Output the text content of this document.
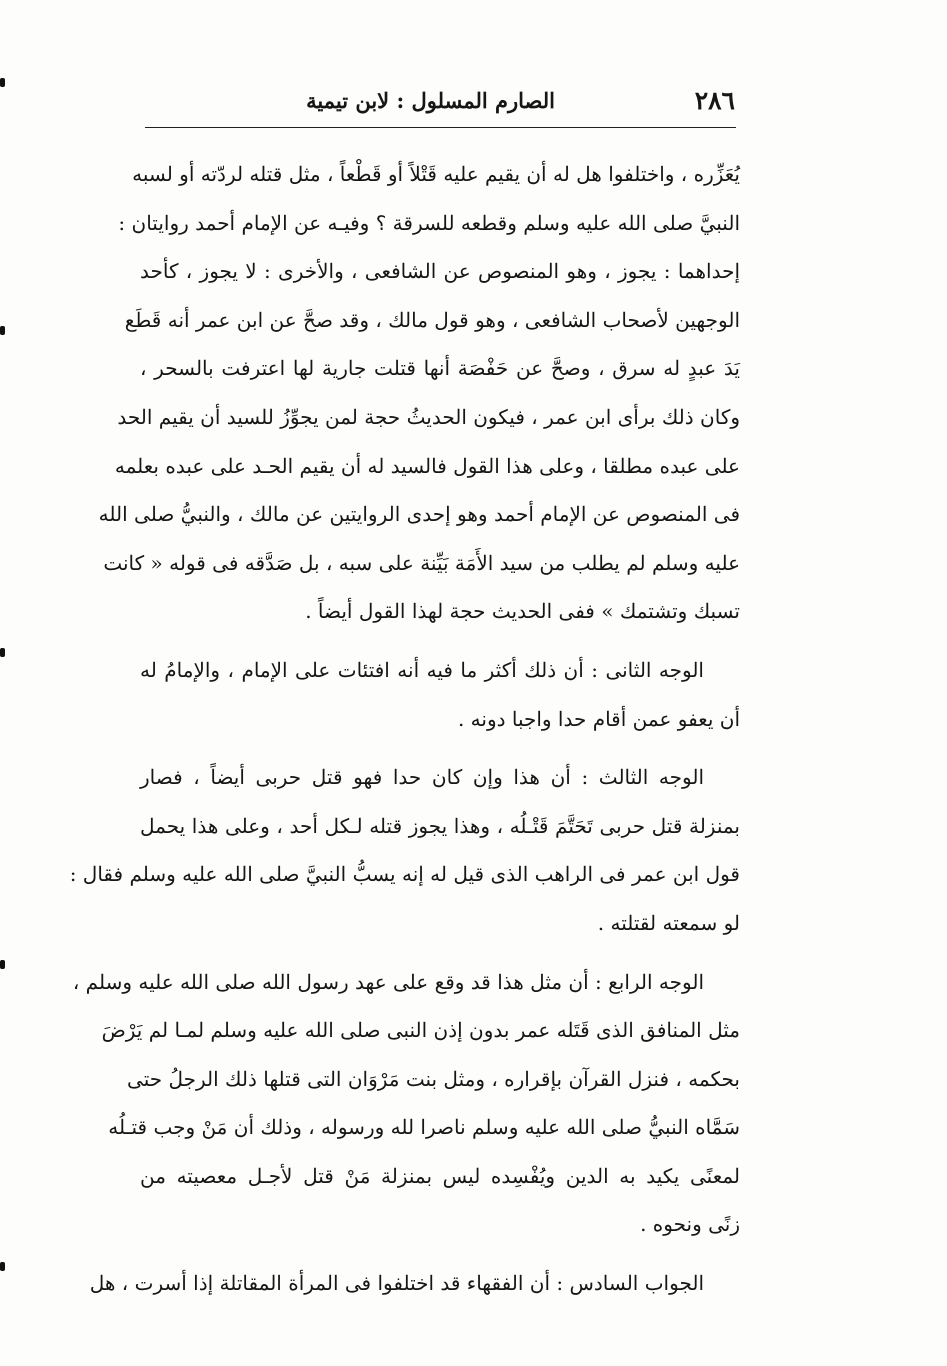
٢٨٦
الصارم المسلول : لابن تيمية
يُعَزِّره ، واختلفوا هل له أن يقيم عليه قَتْلاً أو قَطْعاً ، مثل قتله لردّته أو لسبه
النبيَّ صلى الله عليه وسلم وقطعه للسرقة ؟ وفيـه عن الإمام أحمد روايتان :
إحداهما : يجوز ، وهو المنصوص عن الشافعى ، والأخرى : لا يجوز ، كأحد
الوجهين لأصحاب الشافعى ، وهو قول مالك ، وقد صحَّ عن ابن عمر أنه قَطَع
يَدَ عبدٍ له سرق ، وصحَّ عن حَفْصَة أنها قتلت جارية لها اعترفت بالسحر ،
وكان ذلك برأى ابن عمر ، فيكون الحديثُ حجة لمن يجوِّزُ للسيد أن يقيم الحد
على عبده مطلقا ، وعلى هذا القول فالسيد له أن يقيم الحـد على عبده بعلمه
فى المنصوص عن الإمام أحمد وهو إحدى الروايتين عن مالك ، والنبيُّ صلى الله
عليه وسلم لم يطلب من سيد الأَمَة بَيِّنة على سبه ، بل صَدَّقه فى قوله « كانت
تسبك وتشتمك » ففى الحديث حجة لهذا القول أيضاً .
الوجه الثانى : أن ذلك أكثر ما فيه أنه افتئات على الإمام ، والإمامُ له
أن يعفو عمن أقام حدا واجبا دونه .
الوجه الثالث : أن هذا وإن كان حدا فهو قتل حربى أيضاً ، فصار
بمنزلة قتل حربى تَحَتَّمَ قَتْـلُه ، وهذا يجوز قتله لـكل أحد ، وعلى هذا يحمل
قول ابن عمر فى الراهب الذى قيل له إنه يسبُّ النبيَّ صلى الله عليه وسلم فقال :
لو سمعته لقتلته .
الوجه الرابع : أن مثل هذا قد وقع على عهد رسول الله صلى الله عليه وسلم ،
مثل المنافق الذى قَتَله عمر بدون إذن النبى صلى الله عليه وسلم لمـا لم يَرْضَ
بحكمه ، فنزل القرآن بإقراره ، ومثل بنت مَرْوَان التى قتلها ذلك الرجلُ حتى
سَمَّاه النبيُّ صلى الله عليه وسلم ناصرا لله ورسوله ، وذلك أن مَنْ وجب قتـلُه
لمعنًى يكيد به الدين ويُفْسِده ليس بمنزلة مَنْ قتل لأجـل معصيته من
زنًى ونحوه .
الجواب السادس : أن الفقهاء قد اختلفوا فى المرأة المقاتلة إذا أسرت ، هل
